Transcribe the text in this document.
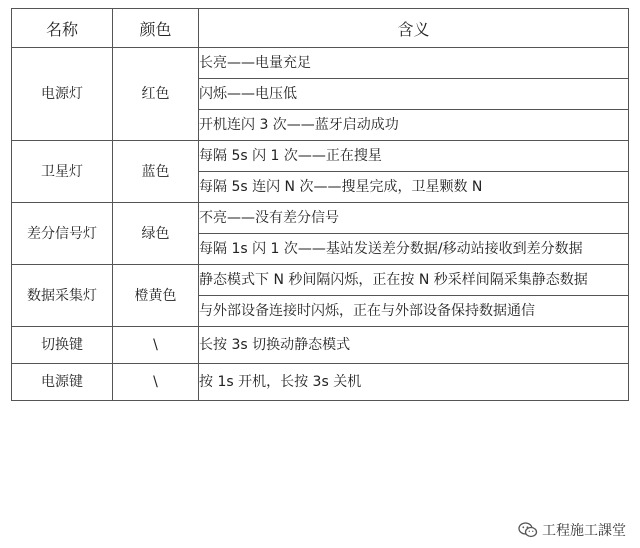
名称	颜色	含义
电源灯	红色	长亮——电量充足
		闪烁——电压低
		开机连闪 3 次——蓝牙启动成功
卫星灯	蓝色	每隔 5s 闪 1 次——正在搜星
		每隔 5s 连闪 N 次——搜星完成，卫星颗数 N
差分信号灯	绿色	不亮——没有差分信号
		每隔 1s 闪 1 次——基站发送差分数据/移动站接收到差分数据
数据采集灯	橙黄色	静态模式下 N 秒间隔闪烁，正在按 N 秒采样间隔采集静态数据
		与外部设备连接时闪烁，正在与外部设备保持数据通信
切换键	\	长按 3s 切换动静态模式
电源键	\	按 1s 开机，长按 3s 关机
工程施工課堂
